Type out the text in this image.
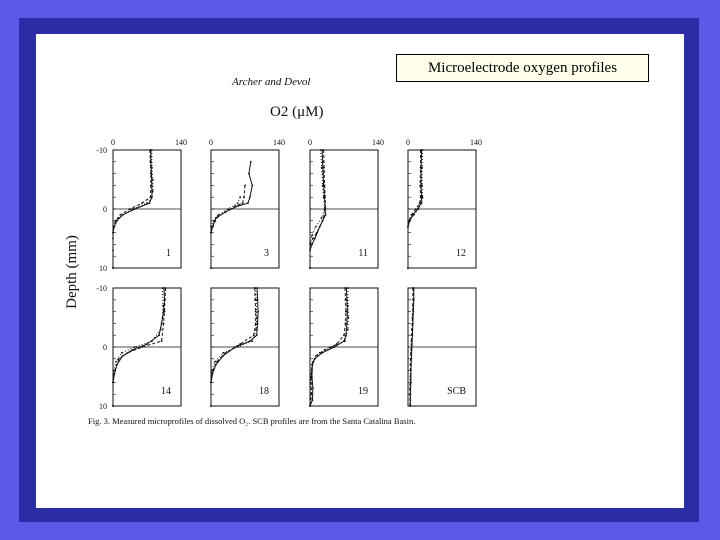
Archer and Devol
O2 (μM)
Depth (mm)
0	140
-10
0
10
1
0	140
3
0	140
11
0	140
12
-10
0
10
14	18	19	SCB
Fig. 3. Measured microprofiles of dissolved O₂. SCB profiles are from the Santa Catalina Basin.
Microelectrode oxygen profiles
